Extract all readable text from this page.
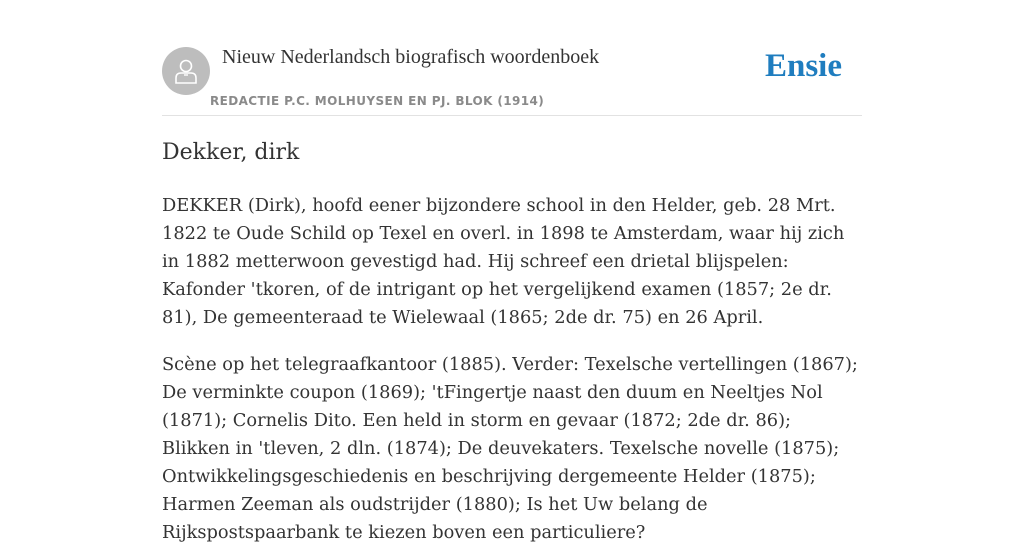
Nieuw Nederlandsch biografisch woordenboek
REDACTIE P.C. MOLHUYSEN EN PJ. BLOK (1914)
Ensie
Dekker, dirk

DEKKER (Dirk), hoofd eener bijzondere school in den Helder, geb. 28 Mrt. 1822 te Oude Schild op Texel en overl. in 1898 te Amsterdam, waar hij zich in 1882 metterwoon gevestigd had. Hij schreef een drietal blijspelen: Kafonder 'tkoren, of de intrigant op het vergelijkend examen (1857; 2e dr. 81), De gemeenteraad te Wielewaal (1865; 2de dr. 75) en 26 April.

Scène op het telegraafkantoor (1885). Verder: Texelsche vertellingen (1867); De verminkte coupon (1869); 'tFingertje naast den duum en Neeltjes Nol (1871); Cornelis Dito. Een held in storm en gevaar (1872; 2de dr. 86); Blikken in 'tleven, 2 dln. (1874); De deuvekaters. Texelsche novelle (1875); Ontwikkelingsgeschiedenis en beschrijving dergemeente Helder (1875); Harmen Zeeman als oudstrijder (1880); Is het Uw belang de Rijkspostspaarbank te kiezen boven een particuliere?
